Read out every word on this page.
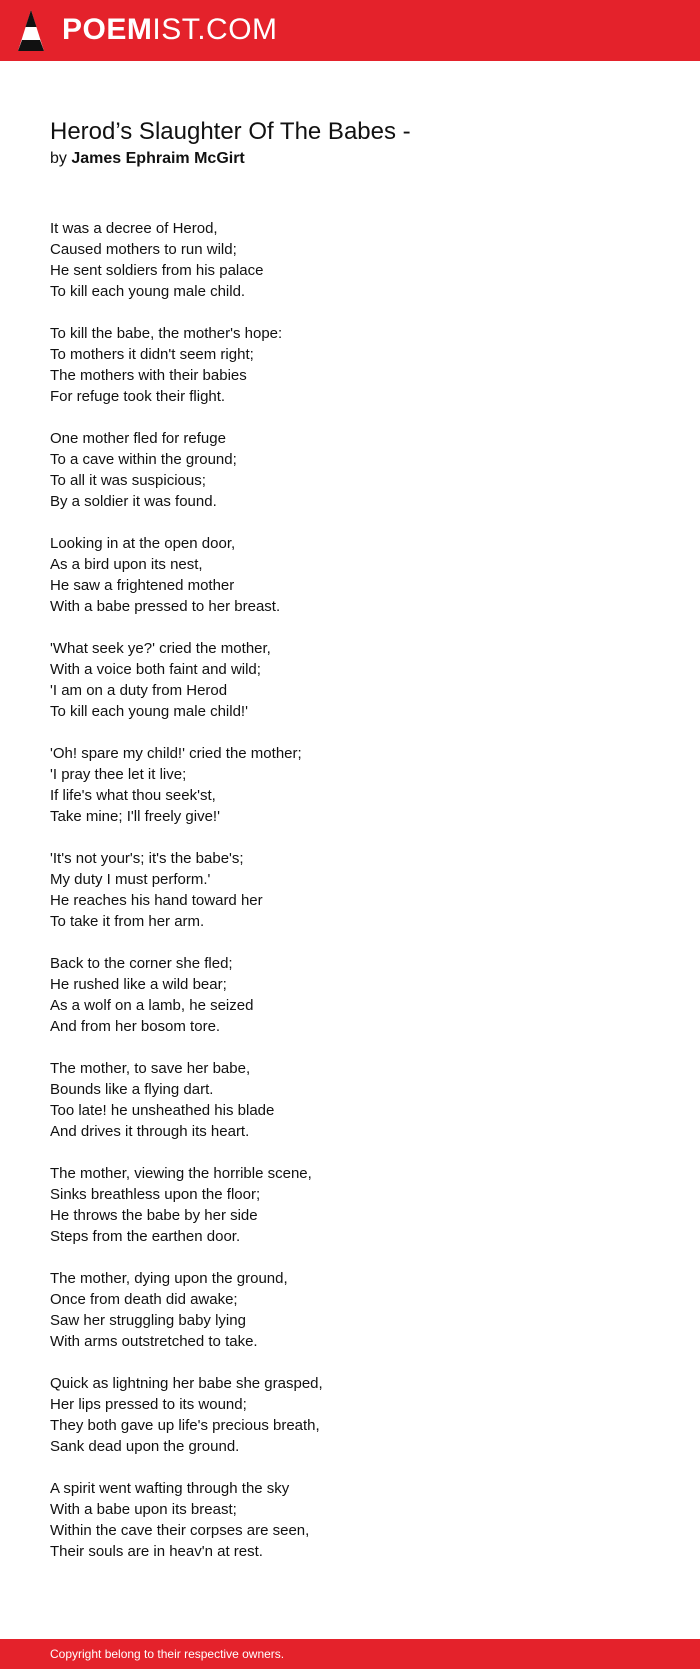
POEMIST.COM
Herod’s Slaughter Of The Babes -
by James Ephraim McGirt
It was a decree of Herod,
Caused mothers to run wild;
He sent soldiers from his palace
To kill each young male child.
To kill the babe, the mother's hope:
To mothers it didn't seem right;
The mothers with their babies
For refuge took their flight.
One mother fled for refuge
To a cave within the ground;
To all it was suspicious;
By a soldier it was found.
Looking in at the open door,
As a bird upon its nest,
He saw a frightened mother
With a babe pressed to her breast.
'What seek ye?' cried the mother,
With a voice both faint and wild;
'I am on a duty from Herod
To kill each young male child!'
'Oh! spare my child!' cried the mother;
'I pray thee let it live;
If life's what thou seek'st,
Take mine; I'll freely give!'
'It's not your's; it's the babe's;
My duty I must perform.'
He reaches his hand toward her
To take it from her arm.
Back to the corner she fled;
He rushed like a wild bear;
As a wolf on a lamb, he seized
And from her bosom tore.
The mother, to save her babe,
Bounds like a flying dart.
Too late! he unsheathed his blade
And drives it through its heart.
The mother, viewing the horrible scene,
Sinks breathless upon the floor;
He throws the babe by her side
Steps from the earthen door.
The mother, dying upon the ground,
Once from death did awake;
Saw her struggling baby lying
With arms outstretched to take.
Quick as lightning her babe she grasped,
Her lips pressed to its wound;
They both gave up life's precious breath,
Sank dead upon the ground.
A spirit went wafting through the sky
With a babe upon its breast;
Within the cave their corpses are seen,
Their souls are in heav'n at rest.
Copyright belong to their respective owners.
